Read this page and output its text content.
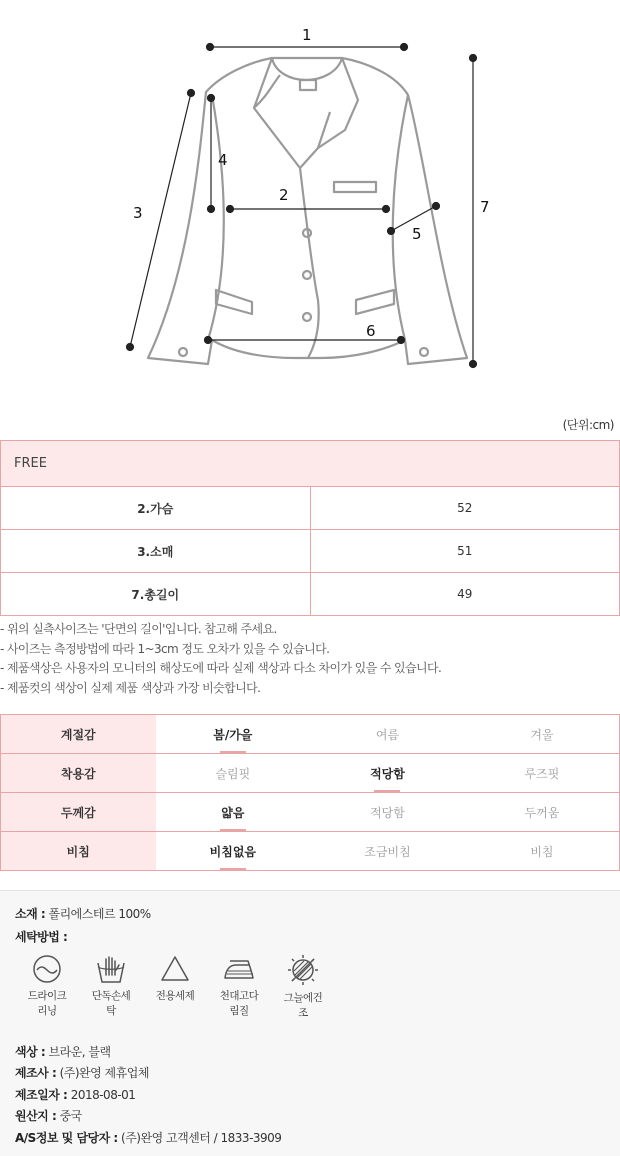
1
2
3
4
5
6
7
(단위:cm)
FREE	
2.가슴	52
3.소매	51
7.총길이	49
- 위의 실측사이즈는 '단면의 길이'입니다. 참고해 주세요.
- 사이즈는 측정방법에 따라 1~3cm 정도 오차가 있을 수 있습니다.
- 제품색상은 사용자의 모니터의 해상도에 따라 실제 색상과 다소 차이가 있을 수 있습니다.
- 제품컷의 색상이 실제 제품 색상과 가장 비슷합니다.
계절감	봄/가을	여름	겨울
착용감	슬림핏	적당함	루즈핏
두께감	얇음	적당함	두꺼움
비침	비침없음	조금비침	비침
소재 : 폴리에스테르 100%
세탁방법 :
드라이크
리닝
단독손세
탁
전용세제	천대고다
림질
그늘에건
조
색상 : 브라운, 블랙
제조사 : (주)완영 제휴업체
제조일자 : 2018-08-01
원산지 : 중국
A/S정보 및 담당자 : (주)완영 고객센터 / 1833-3909
